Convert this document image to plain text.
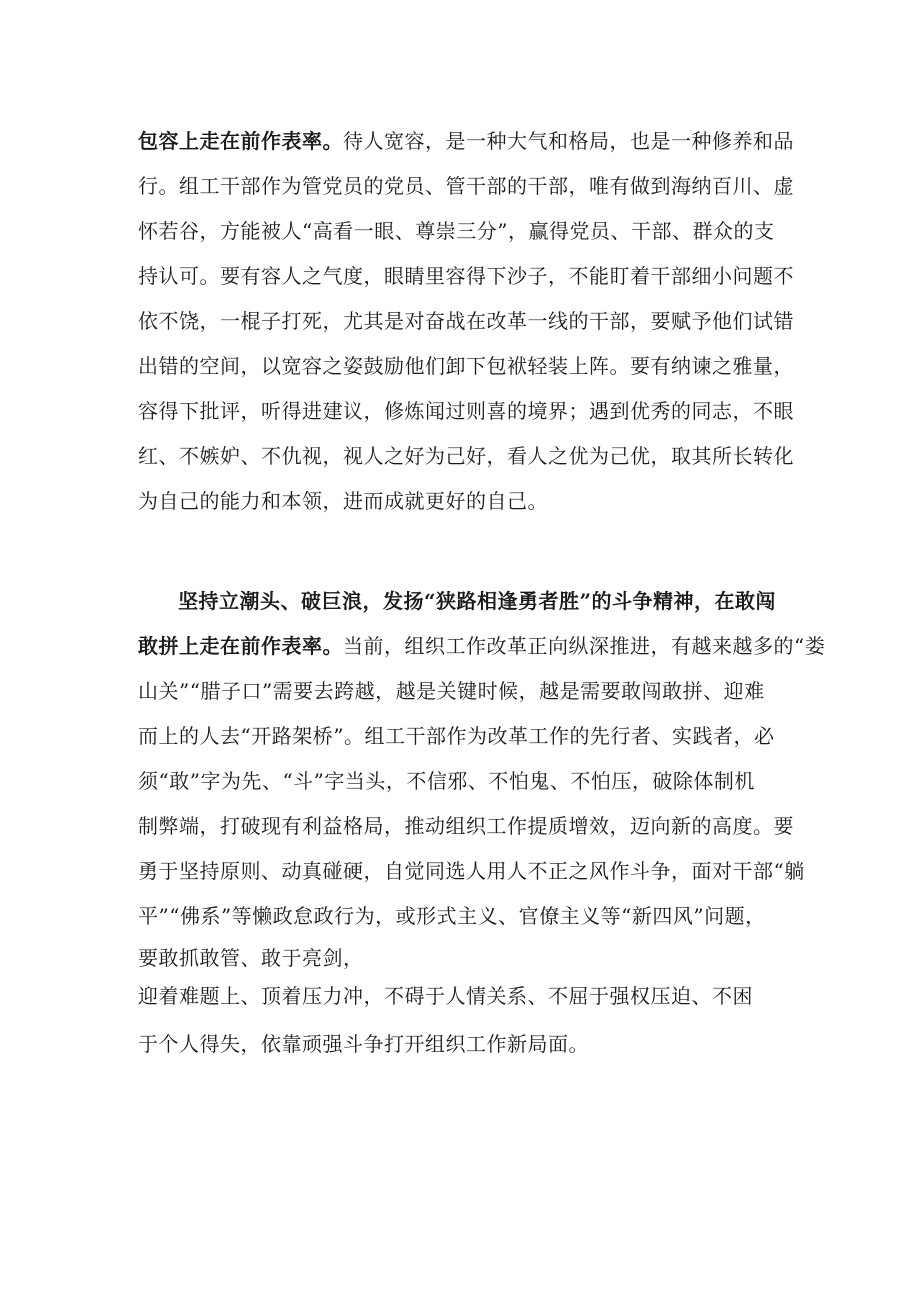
包容上走在前作表率。待人宽容，是一种大气和格局，也是一种修养和品
行。组工干部作为管党员的党员、管干部的干部，唯有做到海纳百川、虚
怀若谷，方能被人“高看一眼、尊崇三分”，赢得党员、干部、群众的支
持认可。要有容人之气度，眼睛里容得下沙子，不能盯着干部细小问题不
依不饶，一棍子打死，尤其是对奋战在改革一线的干部，要赋予他们试错
出错的空间，以宽容之姿鼓励他们卸下包袱轻装上阵。要有纳谏之雅量，
容得下批评，听得进建议，修炼闻过则喜的境界；遇到优秀的同志，不眼
红、不嫉妒、不仇视，视人之好为己好，看人之优为己优，取其所长转化
为自己的能力和本领，进而成就更好的自己。
坚持立潮头、破巨浪，发扬“狭路相逢勇者胜”的斗争精神，在敢闯
敢拼上走在前作表率。当前，组织工作改革正向纵深推进，有越来越多的“娄
山关”“腊子口”需要去跨越，越是关键时候，越是需要敢闯敢拼、迎难
而上的人去“开路架桥”。组工干部作为改革工作的先行者、实践者，必
须“敢”字为先、“斗”字当头，不信邪、不怕鬼、不怕压，破除体制机
制弊端，打破现有利益格局，推动组织工作提质增效，迈向新的高度。要
勇于坚持原则、动真碰硬，自觉同选人用人不正之风作斗争，面对干部“躺
平”“佛系”等懒政怠政行为，或形式主义、官僚主义等“新四风”问题，
要敢抓敢管、敢于亮剑，
迎着难题上、顶着压力冲，不碍于人情关系、不屈于强权压迫、不困
于个人得失，依靠顽强斗争打开组织工作新局面。
